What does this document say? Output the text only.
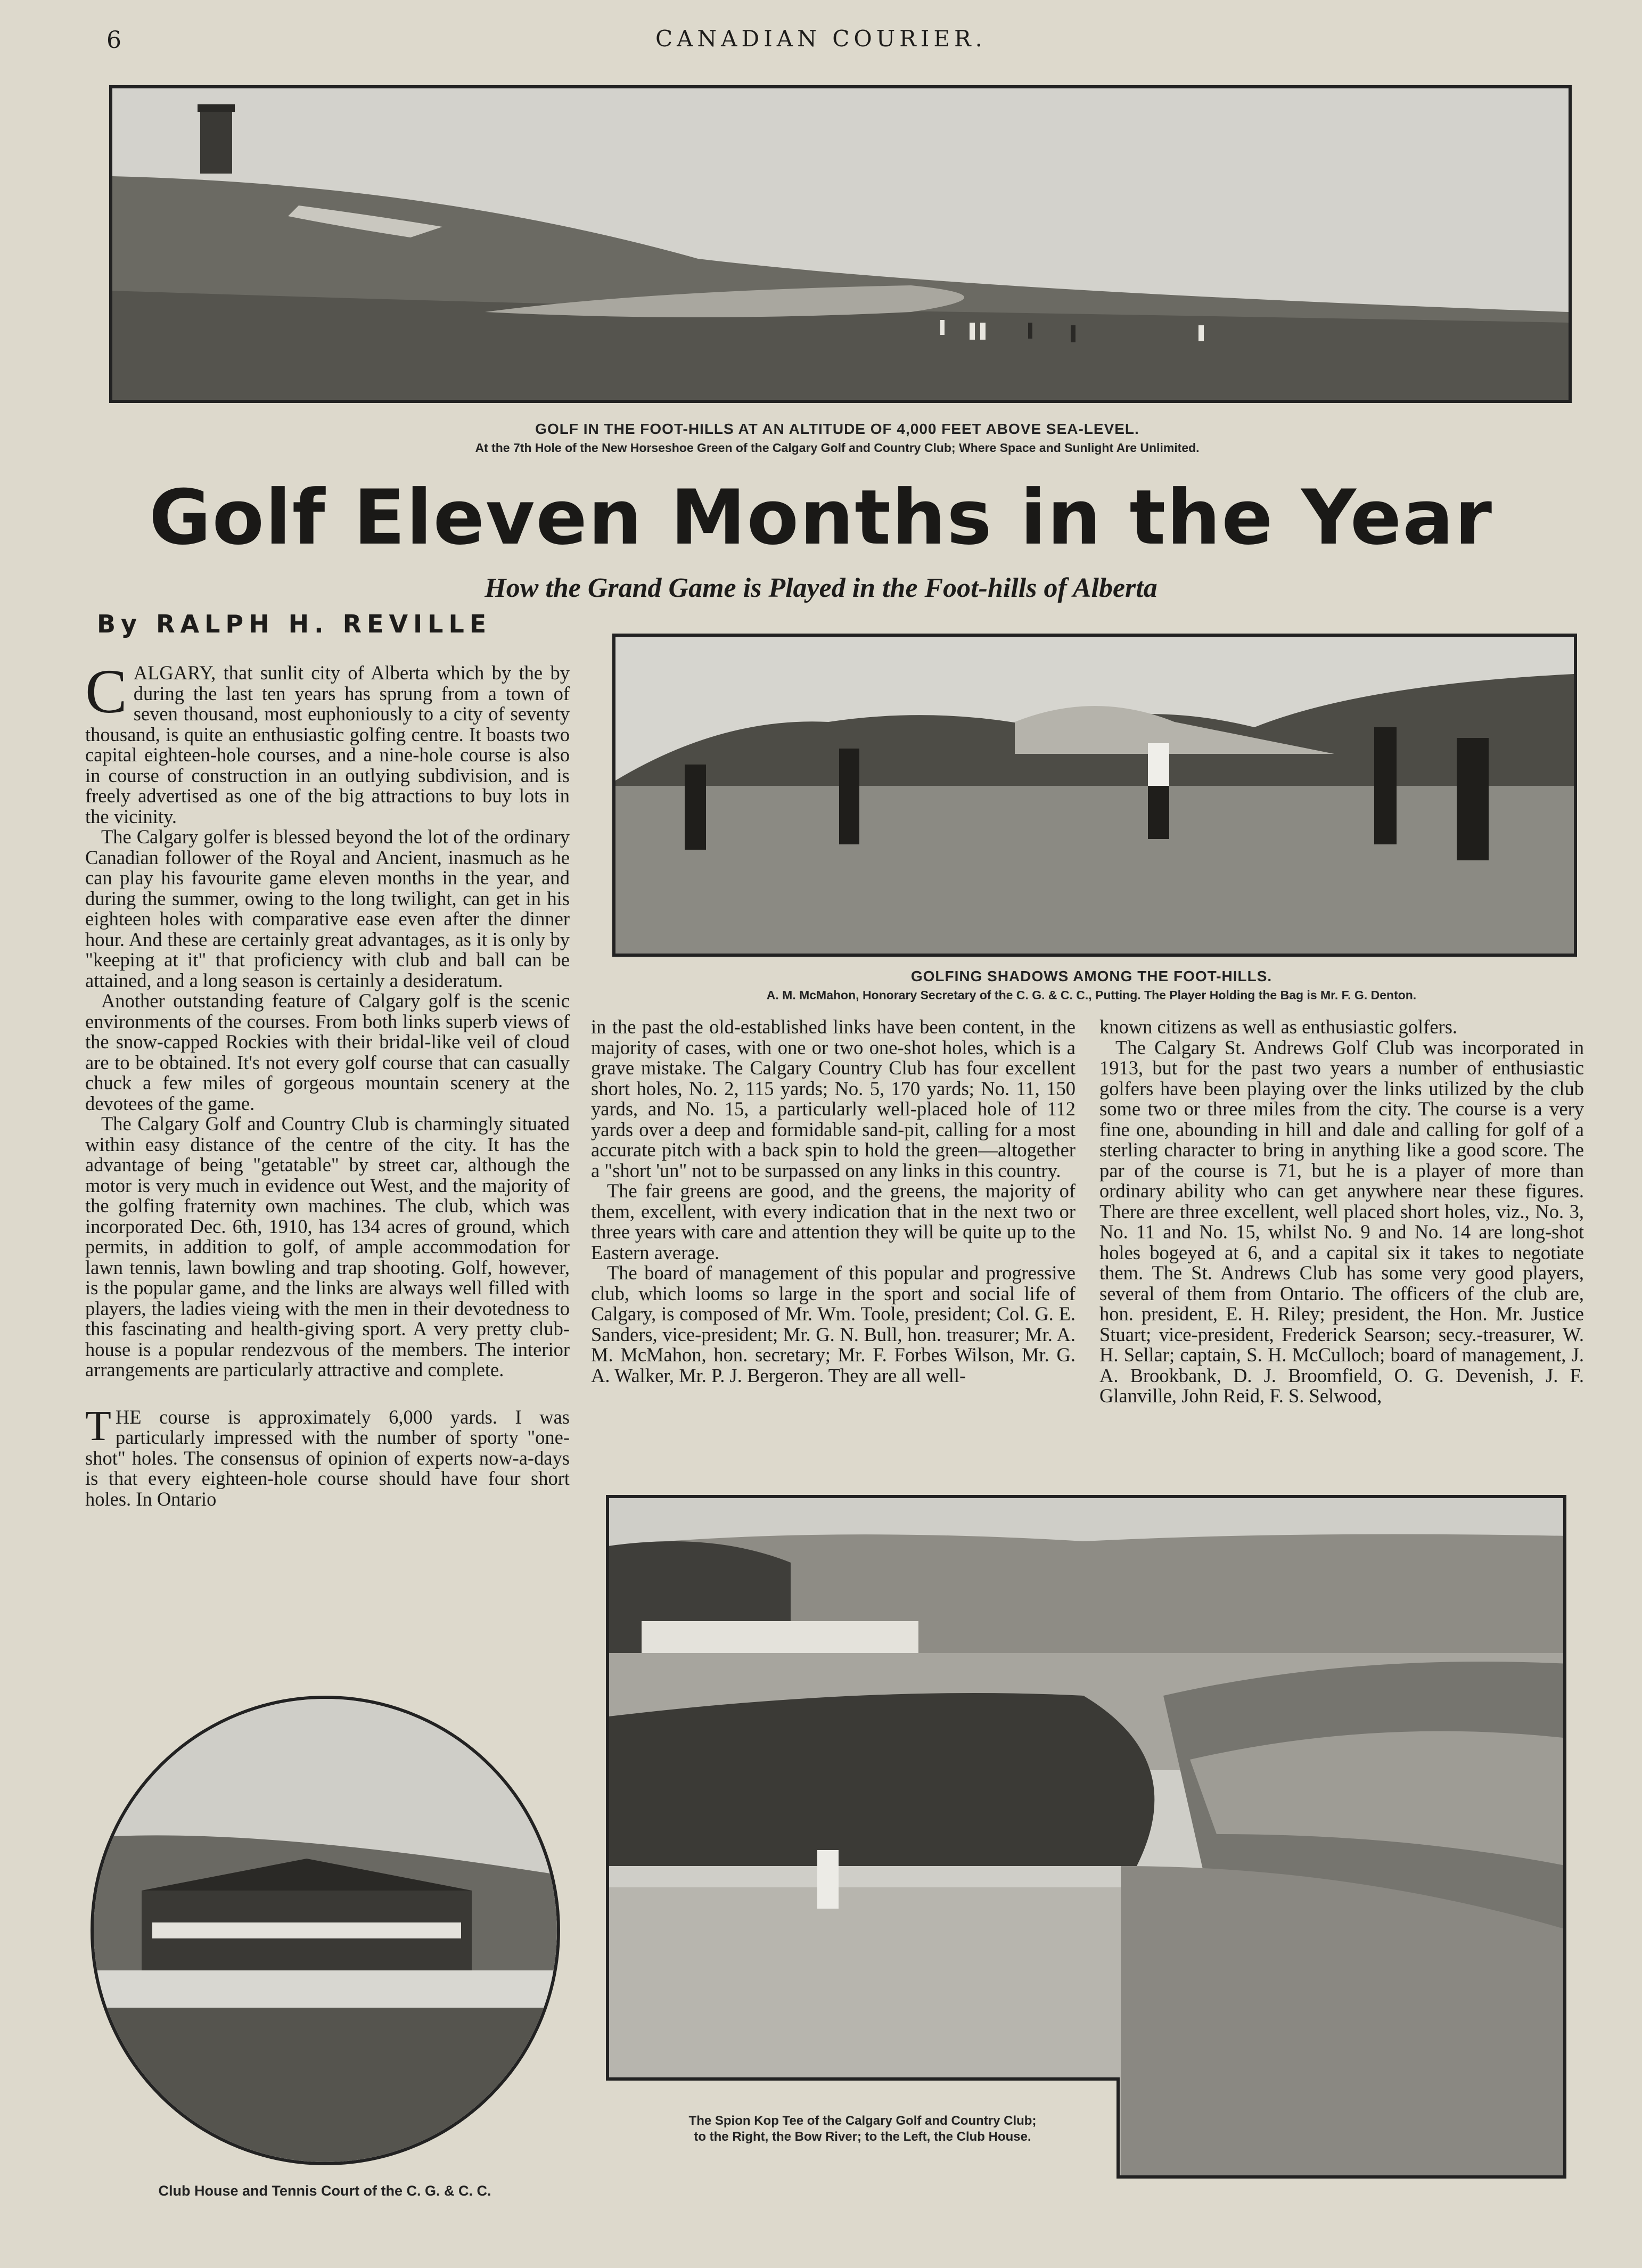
6	CANADIAN COURIER.
GOLF IN THE FOOT-HILLS AT AN ALTITUDE OF 4,000 FEET ABOVE SEA-LEVEL.
At the 7th Hole of the New Horseshoe Green of the Calgary Golf and Country Club; Where Space and Sunlight Are Unlimited.
Golf Eleven Months in the Year
How the Grand Game is Played in the Foot-hills of Alberta
By RALPH H. REVILLE
GOLFING SHADOWS AMONG THE FOOT-HILLS.
A. M. McMahon, Honorary Secretary of the C. G. & C. C., Putting. The Player Holding the Bag is Mr. F. G. Denton.

CALGARY, that sunlit city of Alberta which by the by during the last ten years has sprung from a town of seven thousand, most euphoniously to a city of seventy thousand, is quite an enthusiastic golfing centre. It boasts two capital eighteen-hole courses, and a nine-hole course is also in course of construction in an outlying subdivision, and is freely advertised as one of the big attractions to buy lots in the vicinity.

The Calgary golfer is blessed beyond the lot of the ordinary Canadian follower of the Royal and Ancient, inasmuch as he can play his favourite game eleven months in the year, and during the summer, owing to the long twilight, can get in his eighteen holes with comparative ease even after the dinner hour. And these are certainly great advantages, as it is only by "keeping at it" that proficiency with club and ball can be attained, and a long season is certainly a desideratum.

Another outstanding feature of Calgary golf is the scenic environments of the courses. From both links superb views of the snow-capped Rockies with their bridal-like veil of cloud are to be obtained. It's not every golf course that can casually chuck a few miles of gorgeous mountain scenery at the devotees of the game.

The Calgary Golf and Country Club is charmingly situated within easy distance of the centre of the city. It has the advantage of being "getatable" by street car, although the motor is very much in evidence out West, and the majority of the golfing fraternity own machines. The club, which was incorporated Dec. 6th, 1910, has 134 acres of ground, which permits, in addition to golf, of ample accommodation for lawn tennis, lawn bowling and trap shooting. Golf, however, is the popular game, and the links are always well filled with players, the ladies vieing with the men in their devotedness to this fascinating and health-giving sport. A very pretty club-house is a popular rendezvous of the members. The interior arrangements are particularly attractive and complete.

THE course is approximately 6,000 yards. I was particularly impressed with the number of sporty "one-shot" holes. The consensus of opinion of experts now-a-days is that every eighteen-hole course should have four short holes. In Ontario

in the past the old-established links have been content, in the majority of cases, with one or two one-shot holes, which is a grave mistake. The Calgary Country Club has four excellent short holes, No. 2, 115 yards; No. 5, 170 yards; No. 11, 150 yards, and No. 15, a particularly well-placed hole of 112 yards over a deep and formidable sand-pit, calling for a most accurate pitch with a back spin to hold the green—altogether a "short 'un" not to be surpassed on any links in this country.

The fair greens are good, and the greens, the majority of them, excellent, with every indication that in the next two or three years with care and attention they will be quite up to the Eastern average.

The board of management of this popular and progressive club, which looms so large in the sport and social life of Calgary, is composed of Mr. Wm. Toole, president; Col. G. E. Sanders, vice-president; Mr. G. N. Bull, hon. treasurer; Mr. A. M. McMahon, hon. secretary; Mr. F. Forbes Wilson, Mr. G. A. Walker, Mr. P. J. Bergeron. They are all well-

known citizens as well as enthusiastic golfers.

The Calgary St. Andrews Golf Club was incorporated in 1913, but for the past two years a number of enthusiastic golfers have been playing over the links utilized by the club some two or three miles from the city. The course is a very fine one, abounding in hill and dale and calling for golf of a sterling character to bring in anything like a good score. The par of the course is 71, but he is a player of more than ordinary ability who can get anywhere near these figures. There are three excellent, well placed short holes, viz., No. 3, No. 11 and No. 15, whilst No. 9 and No. 14 are long-shot holes bogeyed at 6, and a capital six it takes to negotiate them. The St. Andrews Club has some very good players, several of them from Ontario. The officers of the club are, hon. president, E. H. Riley; president, the Hon. Mr. Justice Stuart; vice-president, Frederick Searson; secy.-treasurer, W. H. Sellar; captain, S. H. McCulloch; board of management, J. A. Brookbank, D. J. Broomfield, O. G. Devenish, J. F. Glanville, John Reid, F. S. Selwood,

Club House and Tennis Court of the C. G. & C. C.
The Spion Kop Tee of the Calgary Golf and Country Club;
to the Right, the Bow River; to the Left, the Club House.
